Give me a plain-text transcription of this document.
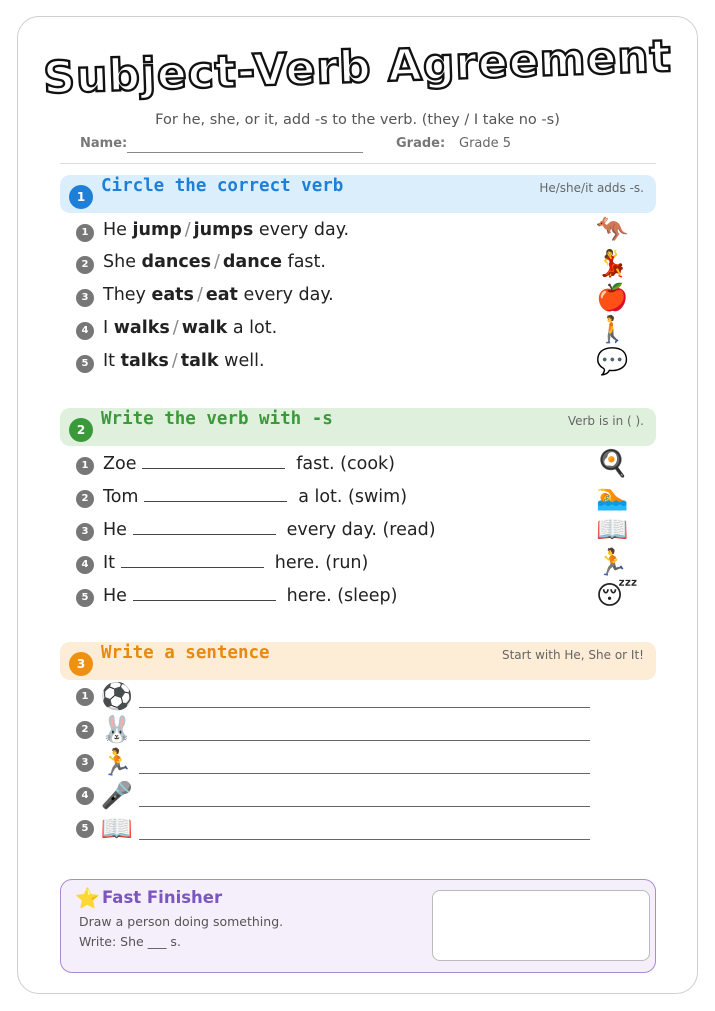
Subject-Verb Agreement
For he, she, or it, add -s to the verb. (they / I take no -s)
Name:	Grade: Grade 5
1
Circle the correct verb	He/she/it adds -s.
1 He jump / jumps every day.	🦘
2 She dances / dance fast.	💃
3 They eats / eat every day.	🍎
4 I walks / walk a lot.	🚶
5 It talks / talk well.	💬
2
Write the verb with -s	Verb is in ( ).
1 Zoe	fast. (cook)	🍳
2 Tom	a lot. (swim)	🏊
3 He	every day. (read)	📖
4 It	here. (run)	🏃
5 He	here. (sleep)	😴
3
Write a sentence	Start with He, She or It!
1 ⚽
2 🐰
3 🏃
4 🎤
5 📖
⭐ Fast Finisher
Draw a person doing something.
Write: She ___ s.
